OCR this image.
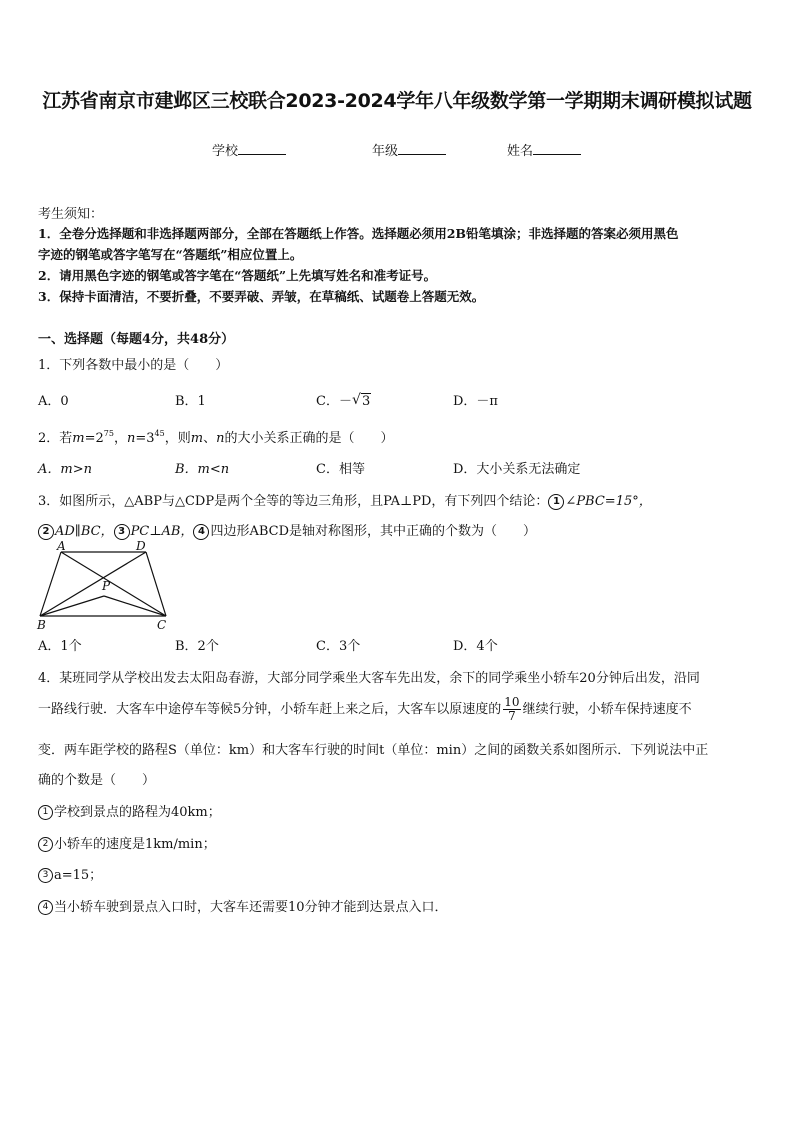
江苏省南京市建邺区三校联合2023-2024学年八年级数学第一学期期末调研模拟试题
学校	年级	姓名
考生须知：
1．全卷分选择题和非选择题两部分，全部在答题纸上作答。选择题必须用2B铅笔填涂；非选择题的答案必须用黑色
字迹的钢笔或答字笔写在“答题纸”相应位置上。
2．请用黑色字迹的钢笔或答字笔在“答题纸”上先填写姓名和准考证号。
3．保持卡面清洁，不要折叠，不要弄破、弄皱，在草稿纸、试题卷上答题无效。
一、选择题（每题4分，共48分）
1．下列各数中最小的是（　　）
A．0	B．1	C．－√ 3	D．－π
2．若$m=2^{75}$，$n=3^{45}$，则m、n的大小关系正确的是（　　）
A．m>n	B．m<n	C．相等	D．大小关系无法确定
3．如图所示，△ABP与△CDP是两个全等的等边三角形，且PA⊥PD，有下列四个结论： 1 ∠PBC=15°，
2 AD∥BC， 3 PC⊥AB， 4 四边形ABCD是轴对称图形，其中正确的个数为（　　）
A	D
P
B	C
A．1个	B．2个	C．3个	D．4个
4．某班同学从学校出发去太阳岛春游，大部分同学乘坐大客车先出发，余下的同学乘坐小轿车20分钟后出发，沿同
一路线行驶．大客车中途停车等候5分钟，小轿车赶上来之后，大客车以原速度的 $\frac{10}{7}$ 继续行驶，小轿车保持速度不
变．两车距学校的路程S（单位：km）和大客车行驶的时间t（单位：min）之间的函数关系如图所示．下列说法中正
确的个数是（　　）
1 学校到景点的路程为40km；
2 小轿车的速度是1km/min；
3 a=15；
4 当小轿车驶到景点入口时，大客车还需要10分钟才能到达景点入口．
